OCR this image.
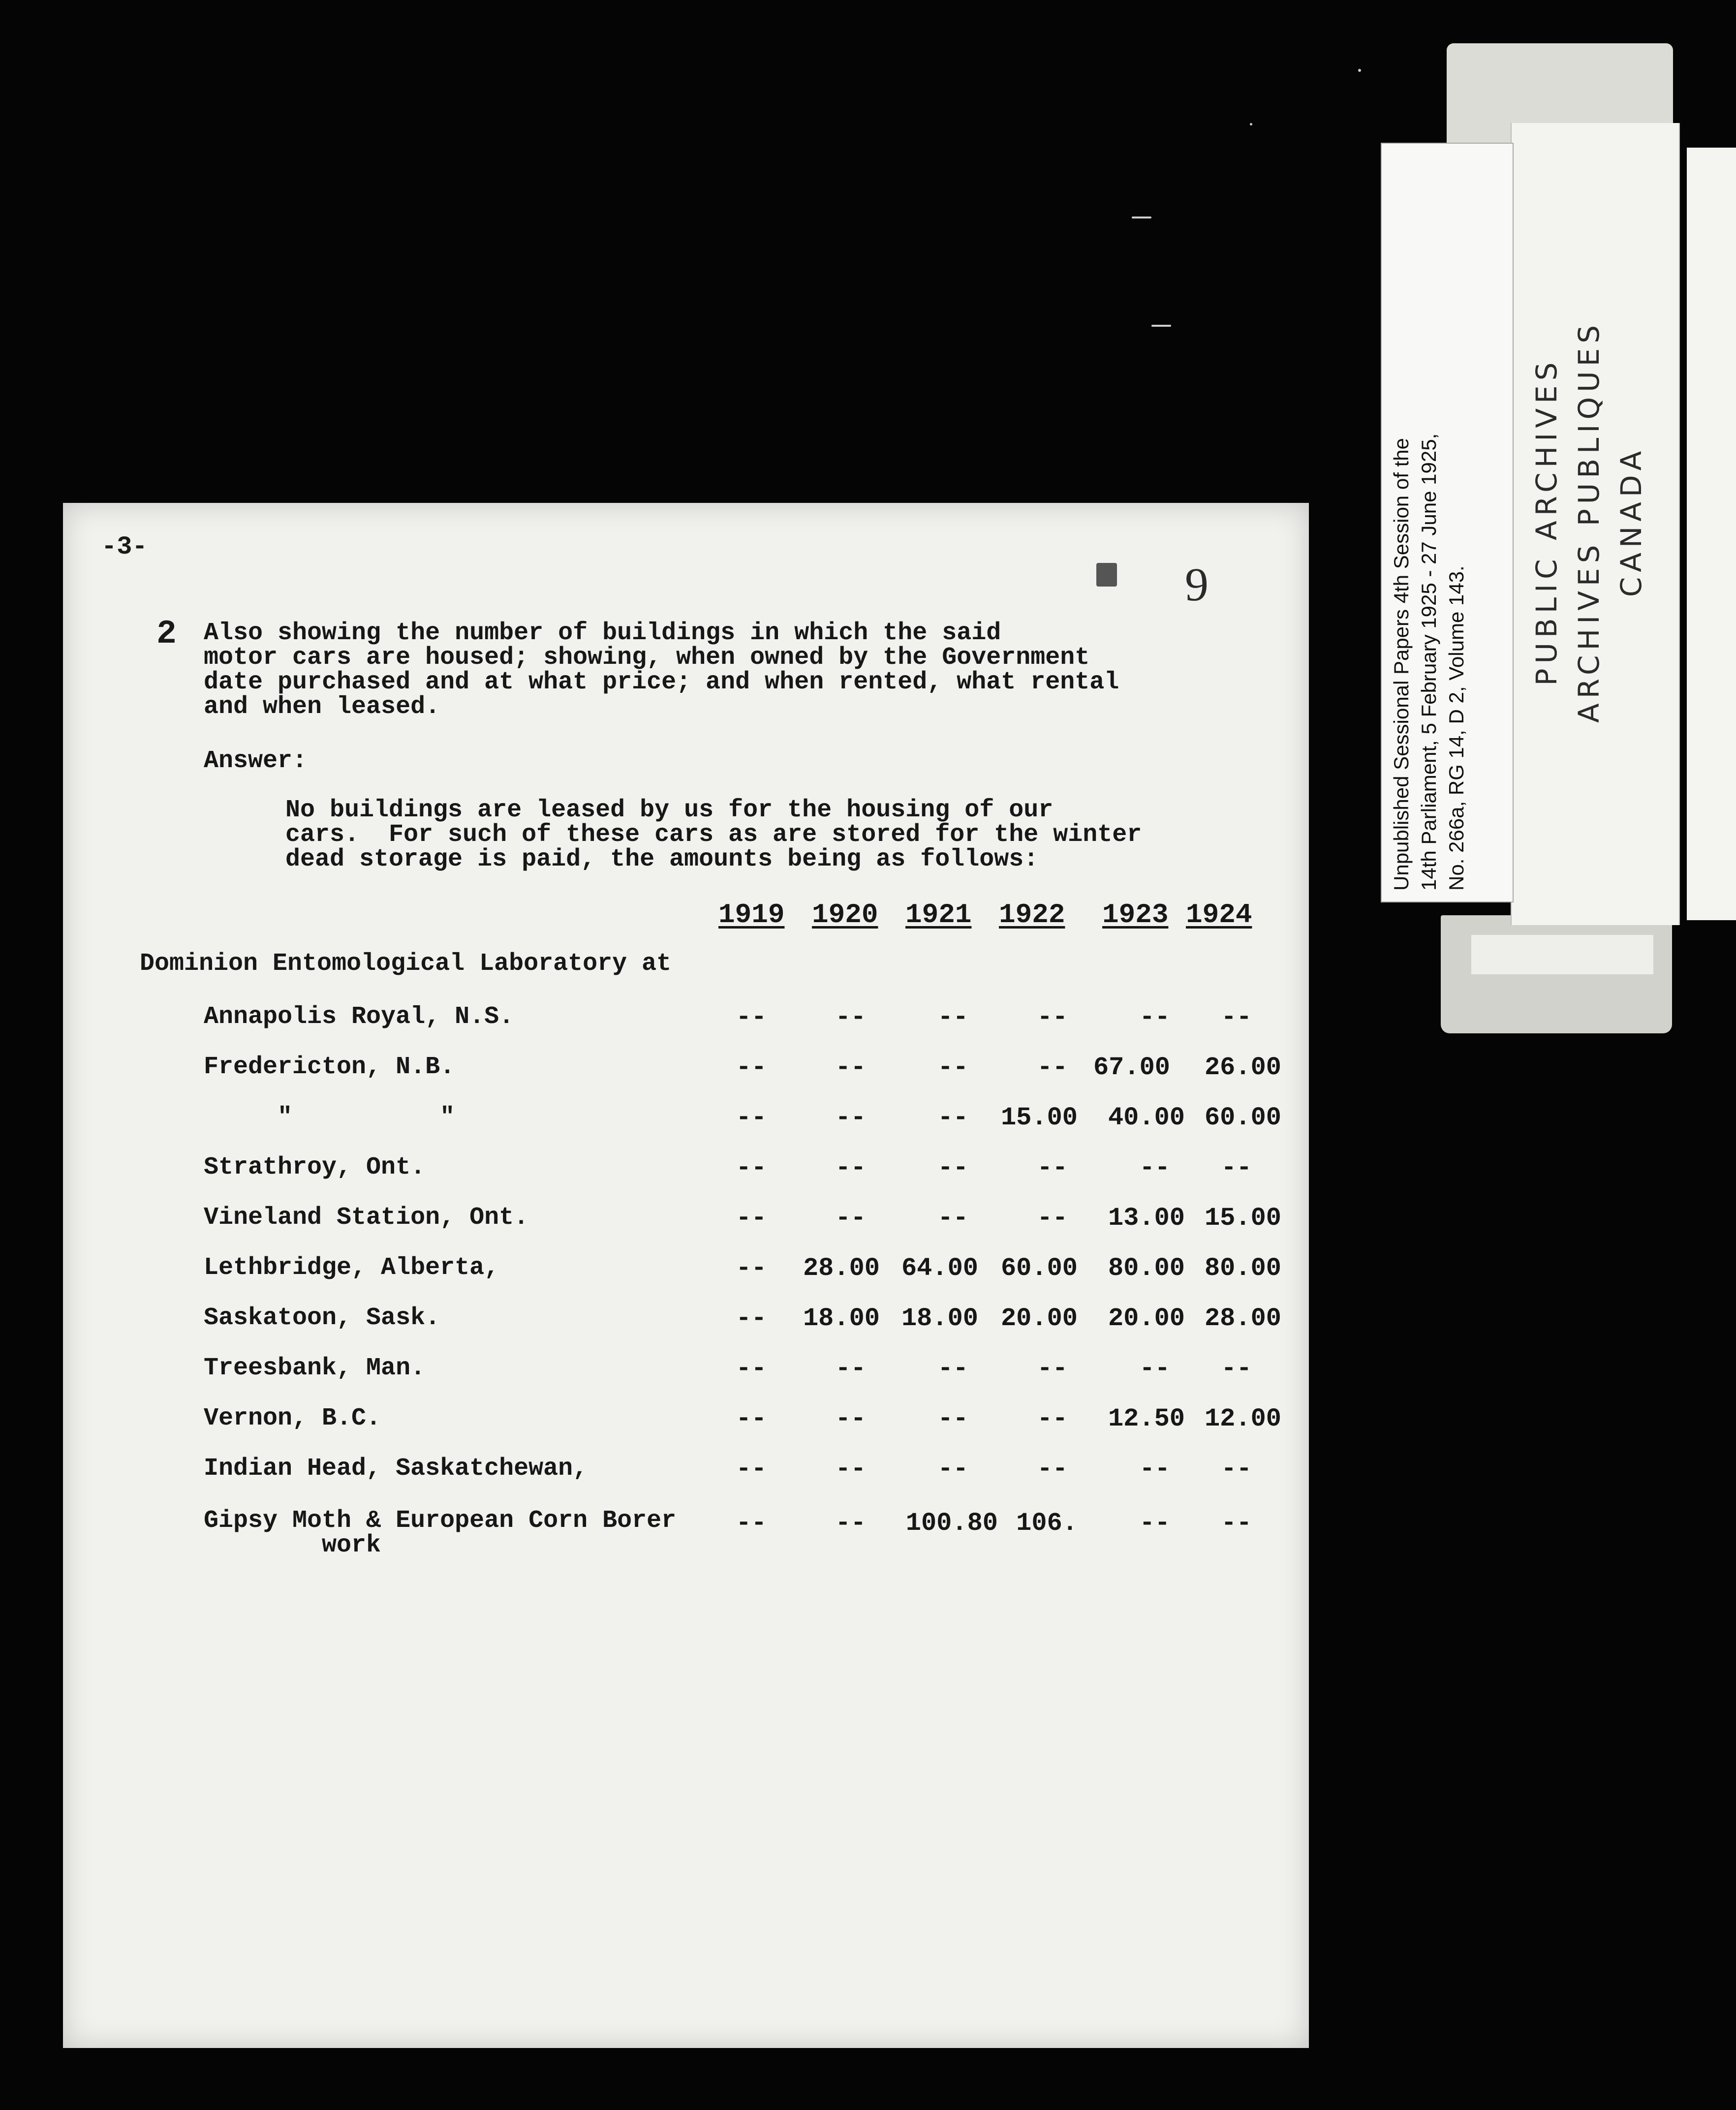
-3-
9
2 Also showing the number of buildings in which the said
motor cars are housed; showing, when owned by the Government
date purchased and at what price; and when rented, what rental
and when leased.
Answer:
No buildings are leased by us for the housing of our
cars.  For such of these cars as are stored for the winter
dead storage is paid, the amounts being as follows:
1919 1920 1921 1922 1923 1924
Dominion Entomological Laboratory at
Annapolis Royal, N.S.	--	--	--	--	--	--
Fredericton, N.B.	--	--	--	-- 67.00	26.00
"          "	--	--	--	15.00	40.00 60.00
Strathroy, Ont.	--	--	--	--	--	--
Vineland Station, Ont.	--	--	--	--	13.00 15.00
Lethbridge, Alberta,	--	28.00 64.00 60.00	80.00 80.00
Saskatoon, Sask.	--	18.00 18.00 20.00	20.00 28.00
Treesbank, Man.	--	--	--	--	--	--
Vernon, B.C.	--	--	--	--	12.50 12.00
Indian Head, Saskatchewan,	--	--	--	--	--	--
Gipsy Moth & European Corn Borer
work
--	-- 100.80 106.	--	--
Unpublished Sessional Papers 4th Session of the
14th Parliament, 5 February 1925 - 27 June 1925,
No. 266a, RG 14, D 2, Volume 143. PUBLIC ARCHIVES ARCHIVES PUBLIQUES CANADA
